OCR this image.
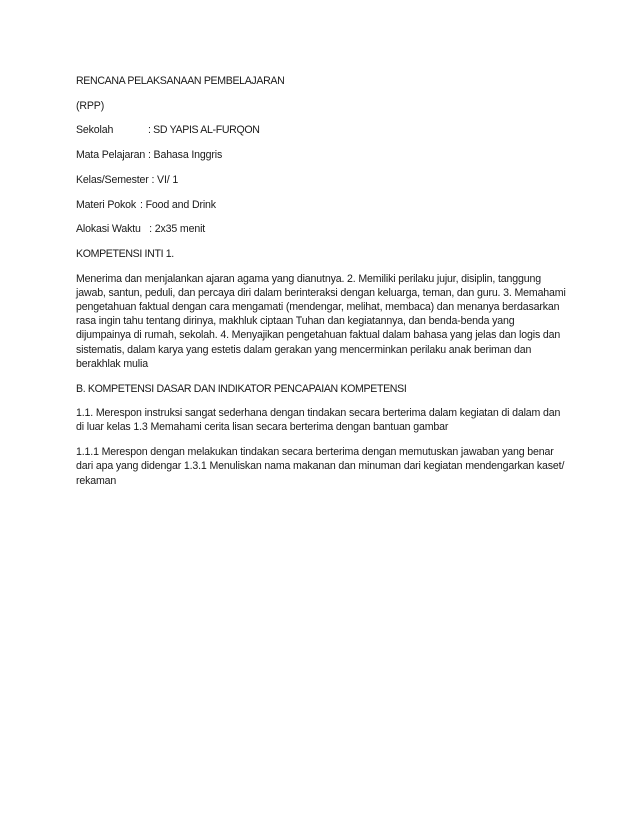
RENCANA PELAKSANAAN PEMBELAJARAN

(RPP)

Sekolah	: SD YAPIS AL-FURQON

Mata Pelajaran : Bahasa Inggris

Kelas/Semester : VI/ 1

Materi Pokok : Food and Drink

Alokasi Waktu   : 2x35 menit

KOMPETENSI INTI 1.

Menerima dan menjalankan ajaran agama yang dianutnya. 2. Memiliki perilaku jujur, disiplin, tanggung jawab, santun, peduli, dan percaya diri dalam berinteraksi dengan keluarga, teman, dan guru. 3. Memahami pengetahuan faktual dengan cara mengamati (mendengar, melihat, membaca) dan menanya berdasarkan rasa ingin tahu tentang dirinya, makhluk ciptaan Tuhan dan kegiatannya, dan benda-benda yang dijumpainya di rumah, sekolah. 4. Menyajikan pengetahuan faktual dalam bahasa yang jelas dan logis dan sistematis, dalam karya yang estetis dalam gerakan yang mencerminkan perilaku anak beriman dan berakhlak mulia

B. KOMPETENSI DASAR DAN INDIKATOR PENCAPAIAN KOMPETENSI

1.1. Merespon instruksi sangat sederhana dengan tindakan secara berterima dalam kegiatan di dalam dan di luar kelas 1.3 Memahami cerita lisan secara berterima dengan bantuan gambar

1.1.1 Merespon dengan melakukan tindakan secara berterima dengan memutuskan jawaban yang benar dari apa yang didengar 1.3.1 Menuliskan nama makanan dan minuman dari kegiatan mendengarkan kaset/ rekaman
